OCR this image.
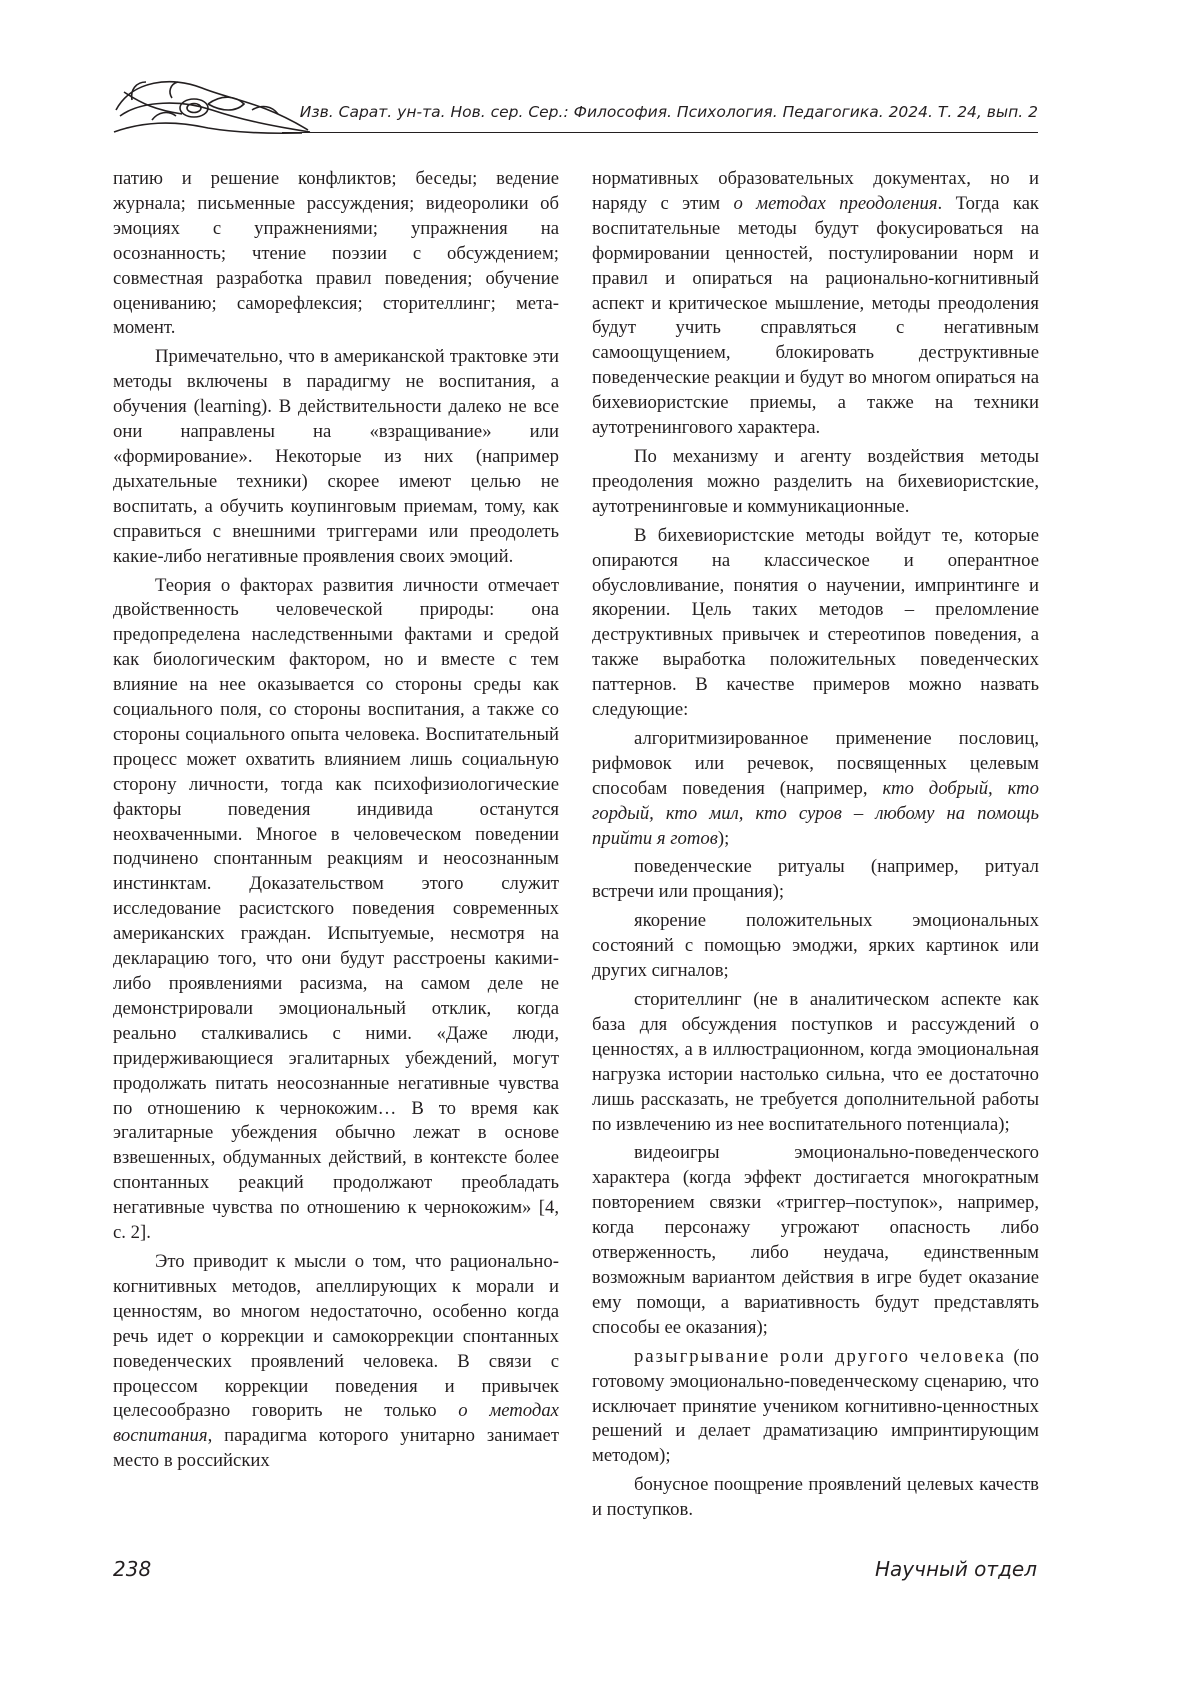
Изв. Сарат. ун-та. Нов. сер. Сер.: Философия. Психология. Педагогика. 2024. Т. 24, вып. 2

патию и решение конфликтов; беседы; ведение журнала; письменные рассуждения; видеоролики об эмоциях с упражнениями; упражнения на осознанность; чтение поэзии с обсуждением; совместная разработка правил поведения; обучение оцениванию; саморефлексия; сторителлинг; мета-момент.

Примечательно, что в американской трактовке эти методы включены в парадигму не воспитания, а обучения (learning). В действительности далеко не все они направлены на «взращивание» или «формирование». Некоторые из них (например дыхательные техники) скорее имеют целью не воспитать, а обучить коупинговым приемам, тому, как справиться с внешними триггерами или преодолеть какие-либо негативные проявления своих эмоций.

Теория о факторах развития личности отмечает двойственность человеческой природы: она предопределена наследственными фактами и средой как биологическим фактором, но и вместе с тем влияние на нее оказывается со стороны среды как социального поля, со стороны воспитания, а также со стороны социального опыта человека. Воспитательный процесс может охватить влиянием лишь социальную сторону личности, тогда как психофизиологические факторы поведения индивида останутся неохваченными. Многое в человеческом поведении подчинено спонтанным реакциям и неосознанным инстинктам. Доказательством этого служит исследование расистского поведения современных американских граждан. Испытуемые, несмотря на декларацию того, что они будут расстроены какими-либо проявлениями расизма, на самом деле не демонстрировали эмоциональный отклик, когда реально сталкивались с ними. «Даже люди, придерживающиеся эгалитарных убеждений, могут продолжать питать неосознанные негативные чувства по отношению к чернокожим… В то время как эгалитарные убеждения обычно лежат в основе взвешенных, обдуманных действий, в контексте более спонтанных реакций продолжают преобладать негативные чувства по отношению к чернокожим» [4, с. 2].

Это приводит к мысли о том, что рационально-когнитивных методов, апеллирующих к морали и ценностям, во многом недостаточно, особенно когда речь идет о коррекции и самокоррекции спонтанных поведенческих проявлений человека. В связи с процессом коррекции поведения и привычек целесообразно говорить не только о методах воспитания, парадигма которого унитарно занимает место в российских

нормативных образовательных документах, но и наряду с этим о методах преодоления. Тогда как воспитательные методы будут фокусироваться на формировании ценностей, постулировании норм и правил и опираться на рационально-когнитивный аспект и критическое мышление, методы преодоления будут учить справляться с негативным самоощущением, блокировать деструктивные поведенческие реакции и будут во многом опираться на бихевиористские приемы, а также на техники аутотренингового характера.

По механизму и агенту воздействия методы преодоления можно разделить на бихевиористские, аутотренинговые и коммуникационные.

В бихевиористские методы войдут те, которые опираются на классическое и оперантное обусловливание, понятия о научении, импринтинге и якорении. Цель таких методов – преломление деструктивных привычек и стереотипов поведения, а также выработка положительных поведенческих паттернов. В качестве примеров можно назвать следующие:

алгоритмизированное применение пословиц, рифмовок или речевок, посвященных целевым способам поведения (например, кто добрый, кто гордый, кто мил, кто суров – любому на помощь прийти я готов);

поведенческие ритуалы (например, ритуал встречи или прощания);

якорение положительных эмоциональных состояний с помощью эмоджи, ярких картинок или других сигналов;

сторителлинг (не в аналитическом аспекте как база для обсуждения поступков и рассуждений о ценностях, а в иллюстрационном, когда эмоциональная нагрузка истории настолько сильна, что ее достаточно лишь рассказать, не требуется дополнительной работы по извлечению из нее воспитательного потенциала);

видеоигры эмоционально-поведенческого характера (когда эффект достигается многократным повторением связки «триггер–поступок», например, когда персонажу угрожают опасность либо отверженность, либо неудача, единственным возможным вариантом действия в игре будет оказание ему помощи, а вариативность будут представлять способы ее оказания);

разыгрывание роли другого человека (по готовому эмоционально-поведенческому сценарию, что исключает принятие учеником когнитивно-ценностных решений и делает драматизацию импринтирующим методом);

бонусное поощрение проявлений целевых качеств и поступков.

238	Научный отдел
